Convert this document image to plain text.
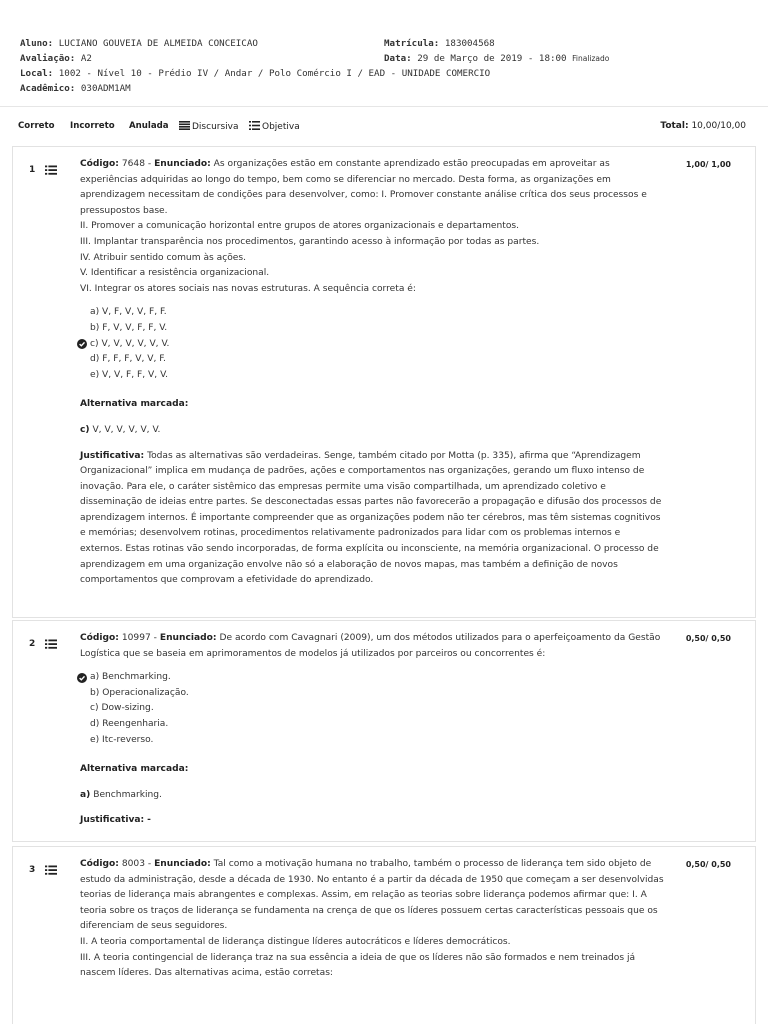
Aluno: LUCIANO GOUVEIA DE ALMEIDA CONCEICAO	Matrícula: 183004568
Avaliação: A2	Data: 29 de Março de 2019 - 18:00 Finalizado
Local: 1002 - Nível 10 - Prédio IV / Andar / Polo Comércio I / EAD - UNIDADE COMERCIO
Acadêmico: 030ADM1AM
Correto Incorreto Anulada	Discursiva	Objetiva	Total: 10,00/10,00
1
1,00/ 1,00

Código: 7648 - Enunciado: As organizações estão em constante aprendizado estão preocupadas em aproveitar as experiências adquiridas ao longo do tempo, bem como se diferenciar no mercado. Desta forma, as organizações em aprendizagem necessitam de condições para desenvolver, como: I. Promover constante análise crítica dos seus processos e pressupostos base.

II. Promover a comunicação horizontal entre grupos de atores organizacionais e departamentos.

III. Implantar transparência nos procedimentos, garantindo acesso à informação por todas as partes.

IV. Atribuir sentido comum às ações.

V. Identificar a resistência organizacional.

VI. Integrar os atores sociais nas novas estruturas. A sequência correta é:

a) V, F, V, V, F, F.
b) F, V, V, F, F, V.
c) V, V, V, V, V, V.
d) F, F, F, V, V, F.
e) V, V, F, F, V, V.

Alternativa marcada:

c) V, V, V, V, V, V.

Justificativa: Todas as alternativas são verdadeiras. Senge, também citado por Motta (p. 335), afirma que “Aprendizagem Organizacional” implica em mudança de padrões, ações e comportamentos nas organizações, gerando um fluxo intenso de inovação. Para ele, o caráter sistêmico das empresas permite uma visão compartilhada, um aprendizado coletivo e disseminação de ideias entre partes. Se desconectadas essas partes não favorecerão a propagação e difusão dos processos de aprendizagem internos. É importante compreender que as organizações podem não ter cérebros, mas têm sistemas cognitivos e memórias; desenvolvem rotinas, procedimentos relativamente padronizados para lidar com os problemas internos e externos. Estas rotinas vão sendo incorporadas, de forma explícita ou inconsciente, na memória organizacional. O processo de aprendizagem em uma organização envolve não só a elaboração de novos mapas, mas também a definição de novos comportamentos que comprovam a efetividade do aprendizado.

2
0,50/ 0,50

Código: 10997 - Enunciado: De acordo com Cavagnari (2009), um dos métodos utilizados para o aperfeiçoamento da Gestão Logística que se baseia em aprimoramentos de modelos já utilizados por parceiros ou concorrentes é:

a) Benchmarking.
b) Operacionalização.
c) Dow-sizing.
d) Reengenharia.
e) Itc-reverso.

Alternativa marcada:

a) Benchmarking.

Justificativa: -

3
0,50/ 0,50

Código: 8003 - Enunciado: Tal como a motivação humana no trabalho, também o processo de liderança tem sido objeto de estudo da administração, desde a década de 1930. No entanto é a partir da década de 1950 que começam a ser desenvolvidas teorias de liderança mais abrangentes e complexas. Assim, em relação as teorias sobre liderança podemos afirmar que: I. A teoria sobre os traços de liderança se fundamenta na crença de que os líderes possuem certas características pessoais que os diferenciam de seus seguidores.

II. A teoria comportamental de liderança distingue líderes autocráticos e líderes democráticos.

III. A teoria contingencial de liderança traz na sua essência a ideia de que os líderes não são formados e nem treinados já nascem líderes. Das alternativas acima, estão corretas:
